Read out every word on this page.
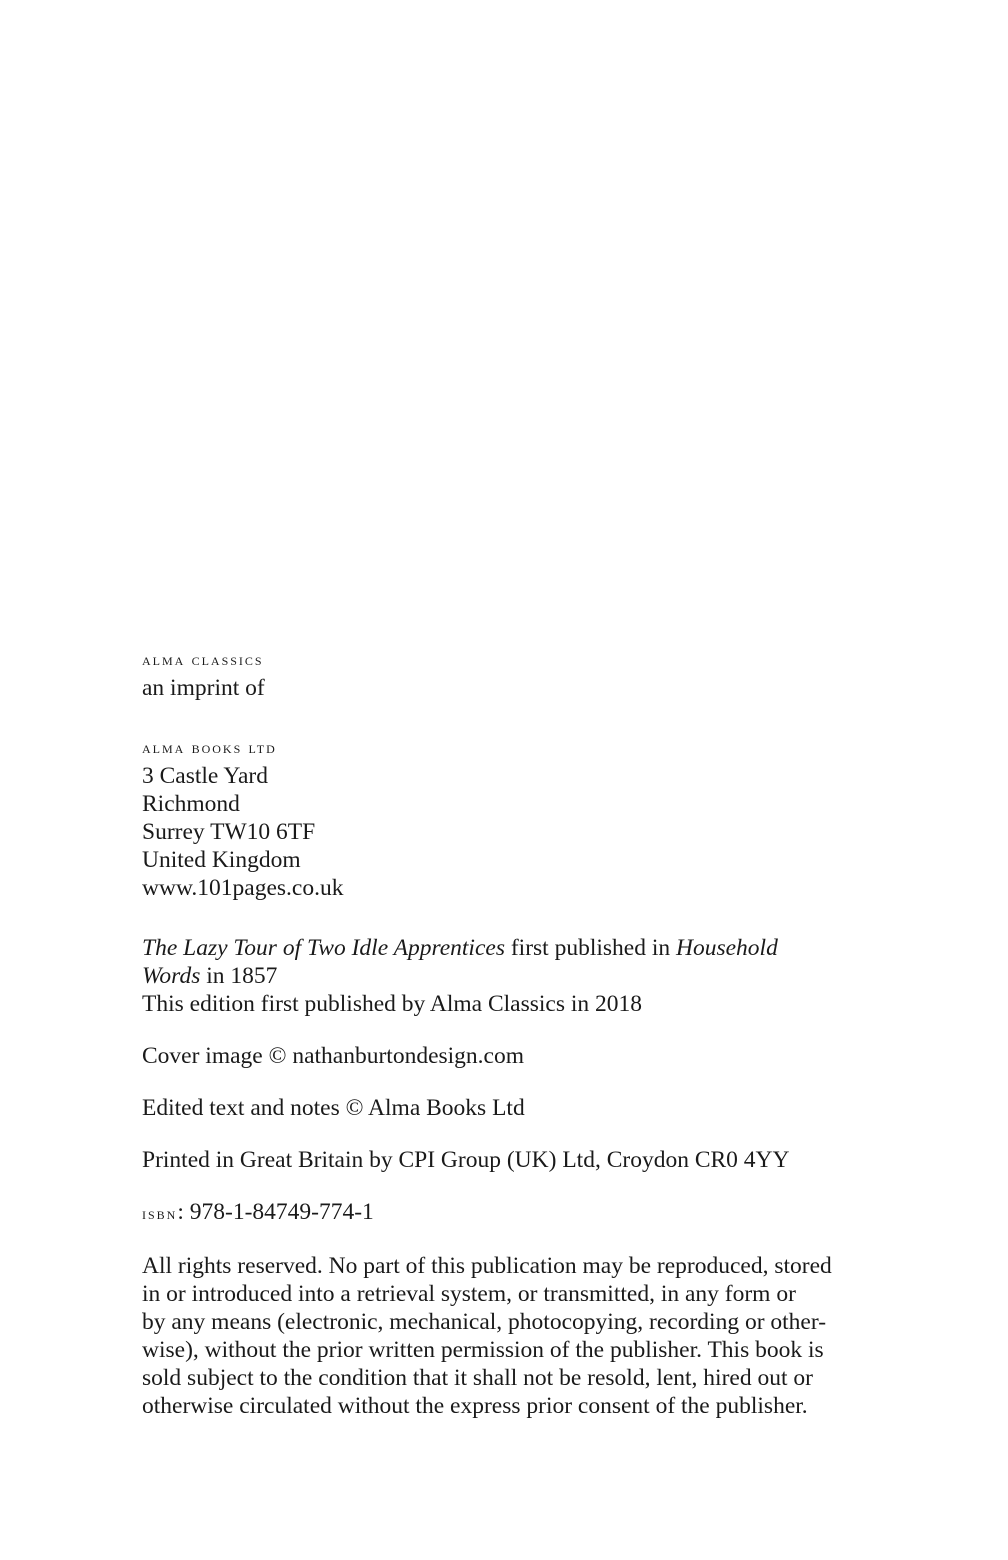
alma classics
an imprint of
alma books ltd
3 Castle Yard
Richmond
Surrey TW10 6TF
United Kingdom
www.101pages.co.uk
The Lazy Tour of Two Idle Apprentices first published in Household
Words in 1857
This edition first published by Alma Classics in 2018
Cover image © nathanburtondesign.com
Edited text and notes © Alma Books Ltd
Printed in Great Britain by CPI Group (UK) Ltd, Croydon CR0 4YY
isbn: 978-1-84749-774-1
All rights reserved. No part of this publication may be reproduced, stored
in or introduced into a retrieval system, or transmitted, in any form or
by any means (electronic, mechanical, photocopying, recording or other-
wise), without the prior written permission of the publisher. This book is
sold subject to the condition that it shall not be resold, lent, hired out or
otherwise circulated without the express prior consent of the publisher.
